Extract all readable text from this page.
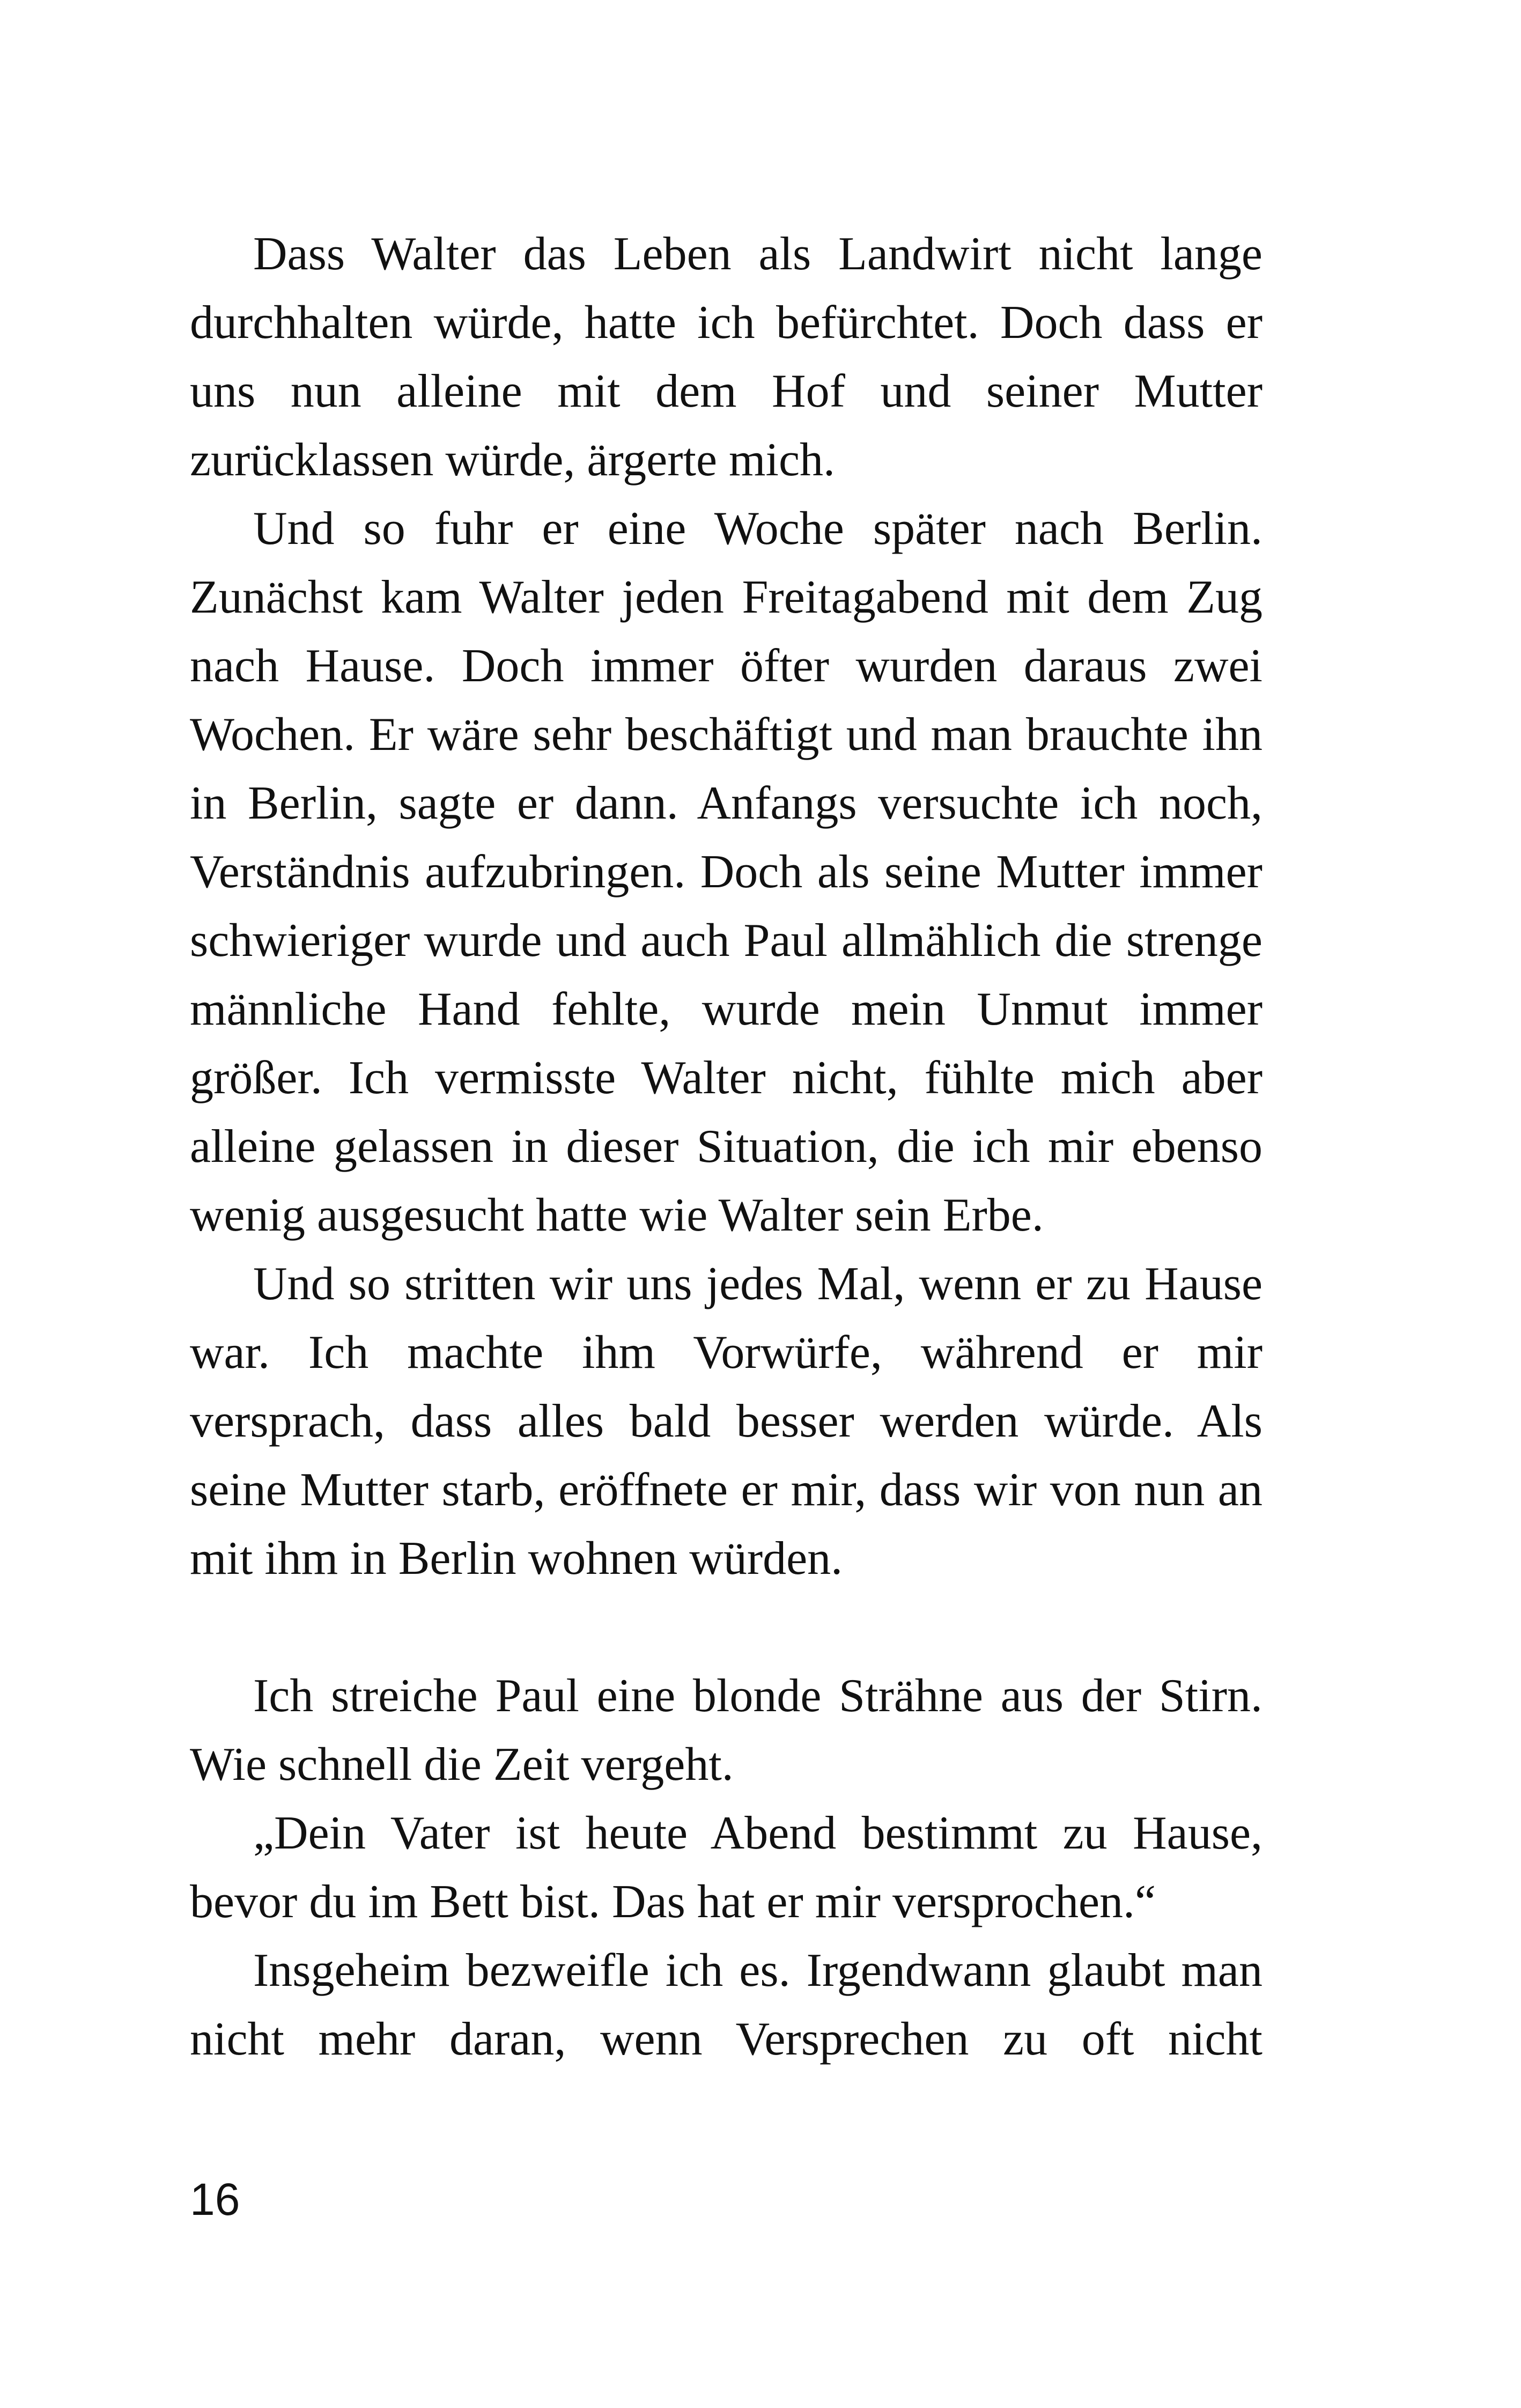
Dass Walter das Leben als Landwirt nicht lange durchhalten würde, hatte ich befürchtet. Doch dass er uns nun alleine mit dem Hof und seiner Mutter zurücklassen würde, ärgerte mich.

Und so fuhr er eine Woche später nach Berlin. Zunächst kam Walter jeden Freitagabend mit dem Zug nach Hause. Doch immer öfter wurden daraus zwei Wochen. Er wäre sehr beschäftigt und man brauchte ihn in Berlin, sagte er dann. Anfangs versuchte ich noch, Verständnis aufzubringen. Doch als seine Mutter immer schwieriger wurde und auch Paul allmählich die strenge männliche Hand fehlte, wurde mein Unmut immer größer. Ich vermisste Walter nicht, fühlte mich aber alleine gelassen in dieser Situation, die ich mir ebenso wenig ausgesucht hatte wie Walter sein Erbe.

Und so stritten wir uns jedes Mal, wenn er zu Hause war. Ich machte ihm Vorwürfe, während er mir versprach, dass alles bald besser werden würde. Als seine Mutter starb, eröffnete er mir, dass wir von nun an mit ihm in Berlin wohnen würden.

Ich streiche Paul eine blonde Strähne aus der Stirn. Wie schnell die Zeit vergeht.

„Dein Vater ist heute Abend bestimmt zu Hause, bevor du im Bett bist. Das hat er mir versprochen.“

Insgeheim bezweifle ich es. Irgendwann glaubt man nicht mehr daran, wenn Versprechen zu oft nicht

16
